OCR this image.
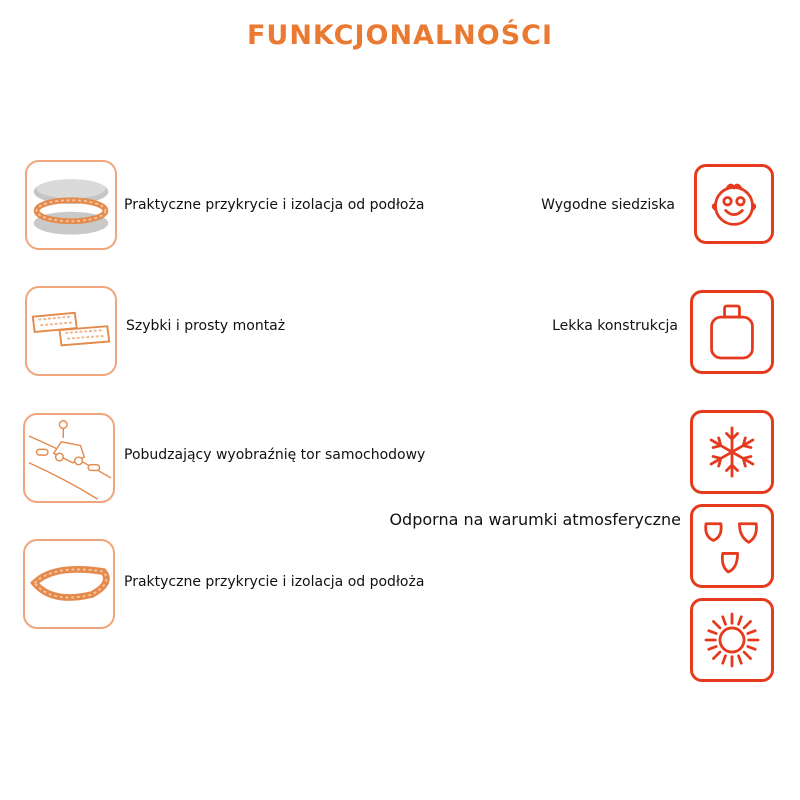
FUNKCJONALNOŚCI
Praktyczne przykrycie i izolacja od podłoża
Szybki i prosty montaż
Pobudzający wyobraźnię tor samochodowy
Praktyczne przykrycie i izolacja od podłoża
Wygodne siedziska
Lekka konstrukcja
Odporna na warumki atmosferyczne
